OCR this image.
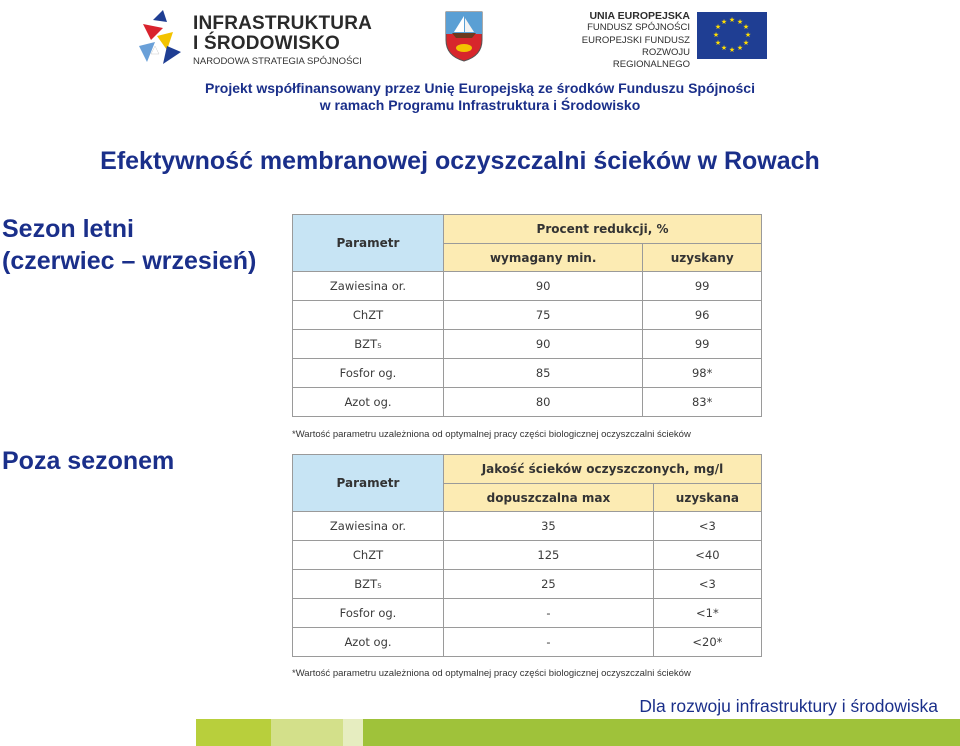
INFRASTRUKTURA
I ŚRODOWISKO
NARODOWA STRATEGIA SPÓJNOŚCI
UNIA EUROPEJSKA
FUNDUSZ SPÓJNOŚCI
EUROPEJSKI FUNDUSZ
ROZWOJU REGIONALNEGO
★ ★
★
★
★
★
★
★
★
★
★
★
Projekt współfinansowany przez Unię Europejską ze środków Funduszu Spójności
w ramach Programu Infrastruktura i Środowisko
Efektywność membranowej oczyszczalni ścieków w Rowach
Sezon letni
(czerwiec – wrzesień)
Parametr	Procent redukcji, %	
	wymagany min.	uzyskany
Zawiesina or.	90	99
ChZT	75	96
BZT₅	90	99
Fosfor og.	85	98*
Azot og.	80	83*
*Wartość parametru uzależniona od optymalnej pracy części biologicznej oczyszczalni ścieków
Poza sezonem
Parametr	Jakość ścieków oczyszczonych, mg/l	
	dopuszczalna max	uzyskana
Zawiesina or.	35	<3
ChZT	125	<40
BZT₅	25	<3
Fosfor og.	-	<1*
Azot og.	-	<20*
*Wartość parametru uzależniona od optymalnej pracy części biologicznej oczyszczalni ścieków
Dla rozwoju infrastruktury i środowiska
